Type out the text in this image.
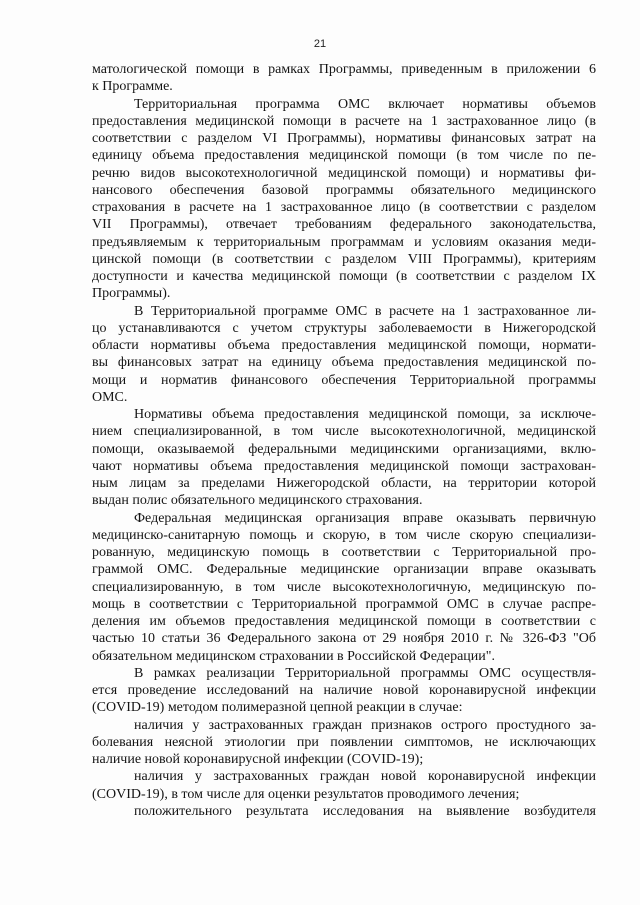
21
матологической помощи в рамках Программы, приведенным в приложении 6
к Программе.
Территориальная программа ОМС включает нормативы объемов
предоставления медицинской помощи в расчете на 1 застрахованное лицо (в
соответствии с разделом VI Программы), нормативы финансовых затрат на
единицу объема предоставления медицинской помощи (в том числе по пе-
речню видов высокотехнологичной медицинской помощи) и нормативы фи-
нансового обеспечения базовой программы обязательного медицинского
страхования в расчете на 1 застрахованное лицо (в соответствии с разделом
VII Программы), отвечает требованиям федерального законодательства,
предъявляемым к территориальным программам и условиям оказания меди-
цинской помощи (в соответствии с разделом VIII Программы), критериям
доступности и качества медицинской помощи (в соответствии с разделом IX
Программы).
В Территориальной программе ОМС в расчете на 1 застрахованное ли-
цо устанавливаются с учетом структуры заболеваемости в Нижегородской
области нормативы объема предоставления медицинской помощи, нормати-
вы финансовых затрат на единицу объема предоставления медицинской по-
мощи и норматив финансового обеспечения Территориальной программы
ОМС.
Нормативы объема предоставления медицинской помощи, за исключе-
нием специализированной, в том числе высокотехнологичной, медицинской
помощи, оказываемой федеральными медицинскими организациями, вклю-
чают нормативы объема предоставления медицинской помощи застрахован-
ным лицам за пределами Нижегородской области, на территории которой
выдан полис обязательного медицинского страхования.
Федеральная медицинская организация вправе оказывать первичную
медицинско-санитарную помощь и скорую, в том числе скорую специализи-
рованную, медицинскую помощь в соответствии с Территориальной про-
граммой ОМС. Федеральные медицинские организации вправе оказывать
специализированную, в том числе высокотехнологичную, медицинскую по-
мощь в соответствии с Территориальной программой ОМС в случае распре-
деления им объемов предоставления медицинской помощи в соответствии с
частью 10 статьи 36 Федерального закона от 29 ноября 2010 г. № 326-ФЗ "Об
обязательном медицинском страховании в Российской Федерации".
В рамках реализации Территориальной программы ОМС осуществля-
ется проведение исследований на наличие новой коронавирусной инфекции
(COVID-19) методом полимеразной цепной реакции в случае:
наличия у застрахованных граждан признаков острого простудного за-
болевания неясной этиологии при появлении симптомов, не исключающих
наличие новой коронавирусной инфекции (COVID-19);
наличия у застрахованных граждан новой коронавирусной инфекции
(COVID-19), в том числе для оценки результатов проводимого лечения;
положительного результата исследования на выявление возбудителя
